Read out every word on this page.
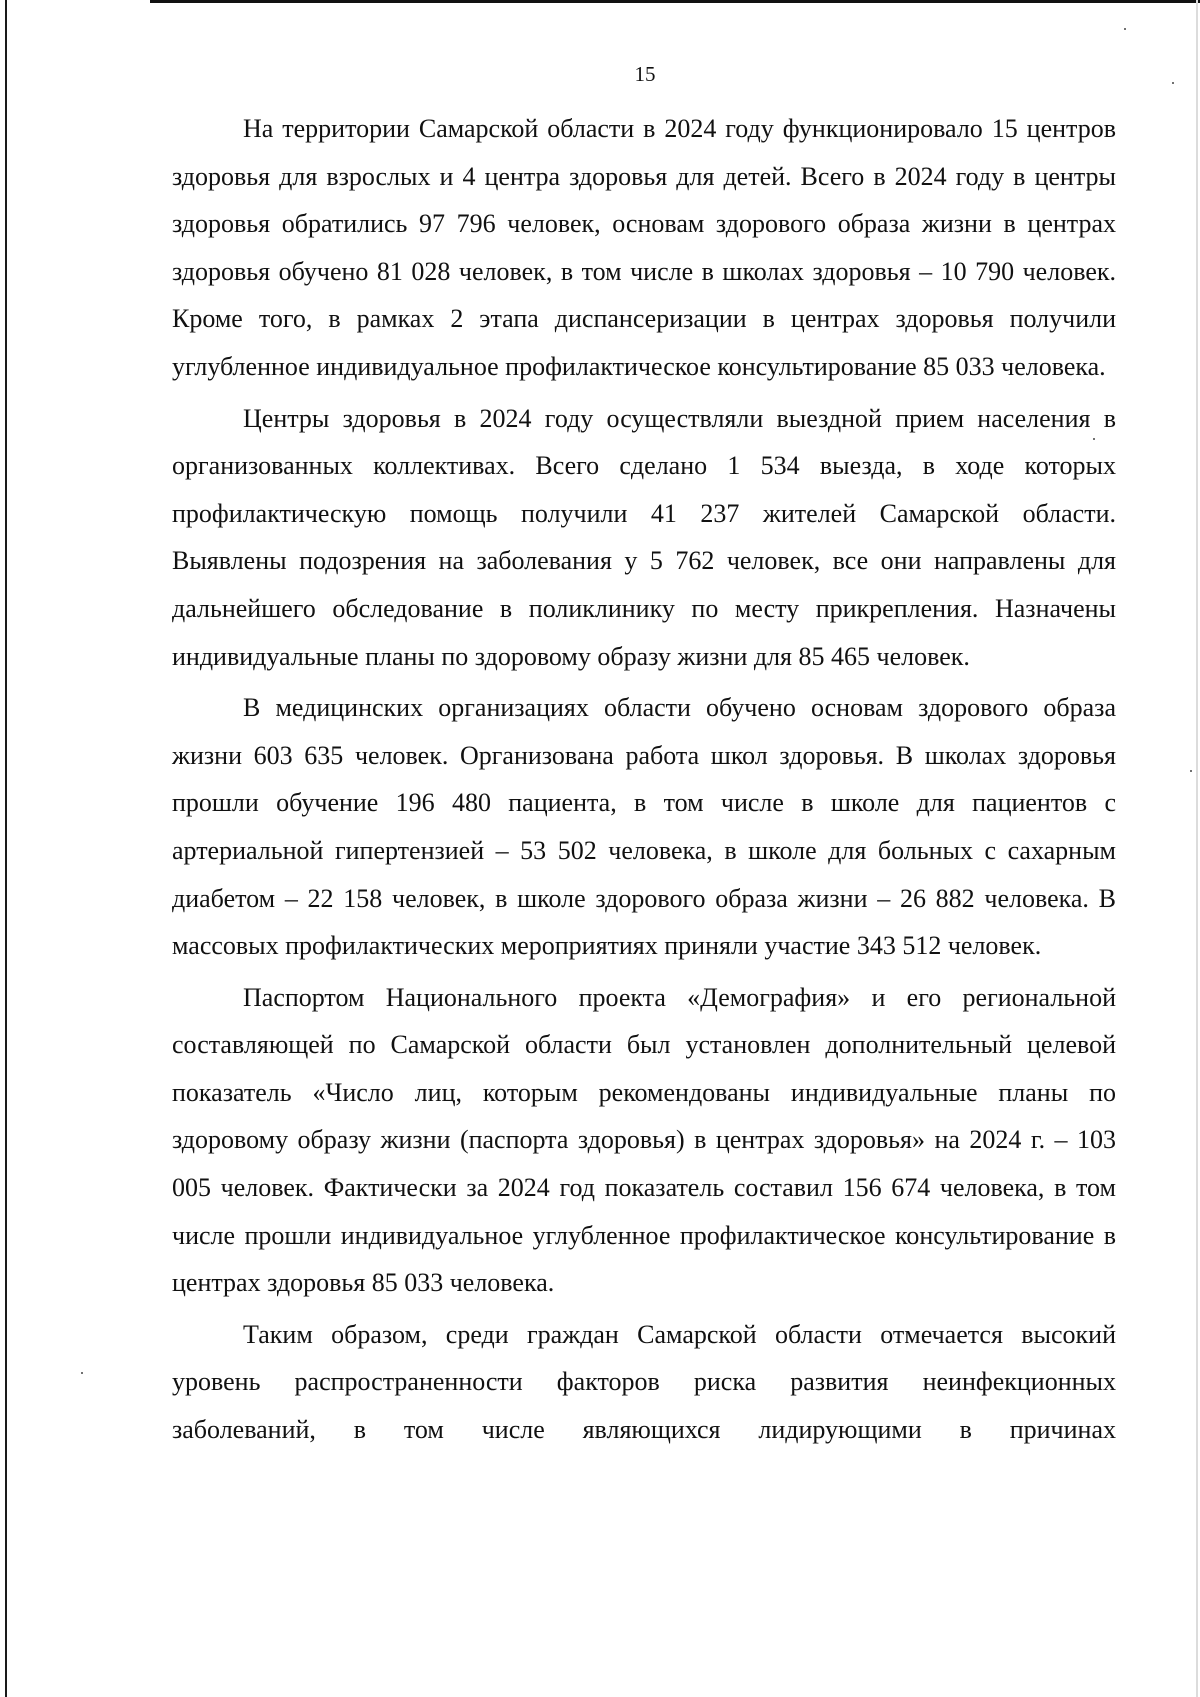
15

На территории Самарской области в 2024 году функционировало 15 центров здоровья для взрослых и 4 центра здоровья для детей. Всего в 2024 году в центры здоровья обратились 97 796 человек, основам здорового образа жизни в центрах здоровья обучено 81 028 человек, в том числе в школах здоровья – 10 790 человек. Кроме того, в рамках 2 этапа диспансеризации в центрах здоровья получили углубленное индивидуальное профилактическое консультирование 85 033 человека.

Центры здоровья в 2024 году осуществляли выездной прием населения в организованных коллективах. Всего сделано 1 534 выезда, в ходе которых профилактическую помощь получили 41 237 жителей Самарской области. Выявлены подозрения на заболевания у 5 762 человек, все они направлены для дальнейшего обследование в поликлинику по месту прикрепления. Назначены индивидуальные планы по здоровому образу жизни для 85 465 человек.

В медицинских организациях области обучено основам здорового образа жизни 603 635 человек. Организована работа школ здоровья. В школах здоровья прошли обучение 196 480 пациента, в том числе в школе для пациентов с артериальной гипертензией – 53 502 человека, в школе для больных с сахарным диабетом – 22 158 человек, в школе здорового образа жизни – 26 882 человека. В массовых профилактических мероприятиях приняли участие 343 512 человек.

Паспортом Национального проекта «Демография» и его региональной составляющей по Самарской области был установлен дополнительный целевой показатель «Число лиц, которым рекомендованы индивидуальные планы по здоровому образу жизни (паспорта здоровья) в центрах здоровья» на 2024 г. – 103 005 человек. Фактически за 2024 год показатель составил 156 674 человека, в том числе прошли индивидуальное углубленное профилактическое консультирование в центрах здоровья 85 033 человека.

Таким образом, среди граждан Самарской области отмечается высокий уровень распространенности факторов риска развития неинфекционных заболеваний, в том числе являющихся лидирующими в причинах
